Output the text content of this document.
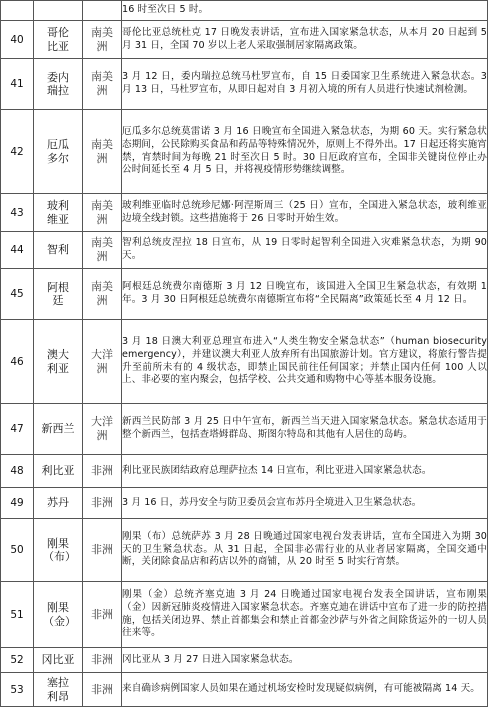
			16 时至次日 5 时。
40	哥伦比亚	南美洲	哥伦比亚总统杜克 17 日晚发表讲话，宣布进入国家紧急状态，从本月 20 日起到 5 月 31 日，全国 70 岁以上老人采取强制居家隔离政策。
41	委内瑞拉	南美洲	3 月 12 日，委内瑞拉总统马杜罗宣布，自 15 日委国家卫生系统进入紧急状态。3 月 13 日，马杜罗宣布，从即日起对自 3 月初入境的所有人员进行快速试剂检测。
42	厄瓜多尔	南美洲	厄瓜多尔总统莫雷诺 3 月 16 日晚宣布全国进入紧急状态，为期 60 天。实行紧急状态期间，公民除购买食品和药品等特殊情况外，原则上不得外出。17 日起还将实施宵禁，宵禁时间为每晚 21 时至次日 5 时。30 日厄政府宣布，全国非关键岗位停止办公时间延长至 4 月 5 日，并将视疫情形势继续调整。
43	玻利维亚	南美洲	玻利维亚临时总统珍尼娜·阿涅斯周三（25 日）宣布，全国进入紧急状态，玻利维亚边境全线封锁。这些措施将于 26 日零时开始生效。
44	智利	南美洲	智利总统皮涅拉 18 日宣布，从 19 日零时起智利全国进入灾难紧急状态，为期 90 天。
45	阿根廷	南美洲	阿根廷总统费尔南德斯 3 月 12 日晚宣布，该国进入全国卫生紧急状态，有效期 1 年。3 月 30 日阿根廷总统费尔南德斯宣布将“全民隔离”政策延长至 4 月 12 日。
46	澳大利亚	大洋洲	3 月 18 日澳大利亚总理宣布进入“人类生物安全紧急状态”（human biosecurity emergency），并建议澳大利亚人放弃所有出国旅游计划。官方建议，将旅行警告提升至前所未有的 4 级状态，即禁止国民前往任何国家；并禁止国内任何 100 人以上、非必要的室内聚会，包括学校、公共交通和购物中心等基本服务设施。
47	新西兰	大洋洲	新西兰民防部 3 月 25 日中午宣布，新西兰当天进入国家紧急状态。紧急状态适用于整个新西兰，包括查塔姆群岛、斯图尔特岛和其他有人居住的岛屿。
48	利比亚	非洲	利比亚民族团结政府总理萨拉杰 14 日宣布，利比亚进入国家紧急状态。
49	苏丹	非洲	3 月 16 日，苏丹安全与防卫委员会宣布苏丹全境进入卫生紧急状态。
50	刚果（布）	非洲	刚果（布）总统萨苏 3 月 28 日晚通过国家电视台发表讲话，宣布全国进入为期 30 天的卫生紧急状态。从 31 日起，全国非必需行业的从业者居家隔离，全国交通中断，关闭除食品店和药店以外的商铺，从 20 时至 5 时实行宵禁。
51	刚果（金）	非洲	刚果（金）总统齐塞克迪 3 月 24 日晚通过国家电视台发表全国讲话，宣布刚果（金）因新冠肺炎疫情进入国家紧急状态。齐塞克迪在讲话中宣布了进一步的防控措施，包括关闭边界、禁止首都集会和禁止首都金沙萨与外省之间除货运外的一切人员往来等。
52	冈比亚	非洲	冈比亚从 3 月 27 日进入国家紧急状态。
53	塞拉利昂	非洲	来自确诊病例国家人员如果在通过机场安检时发现疑似病例，有可能被隔离 14 天。
